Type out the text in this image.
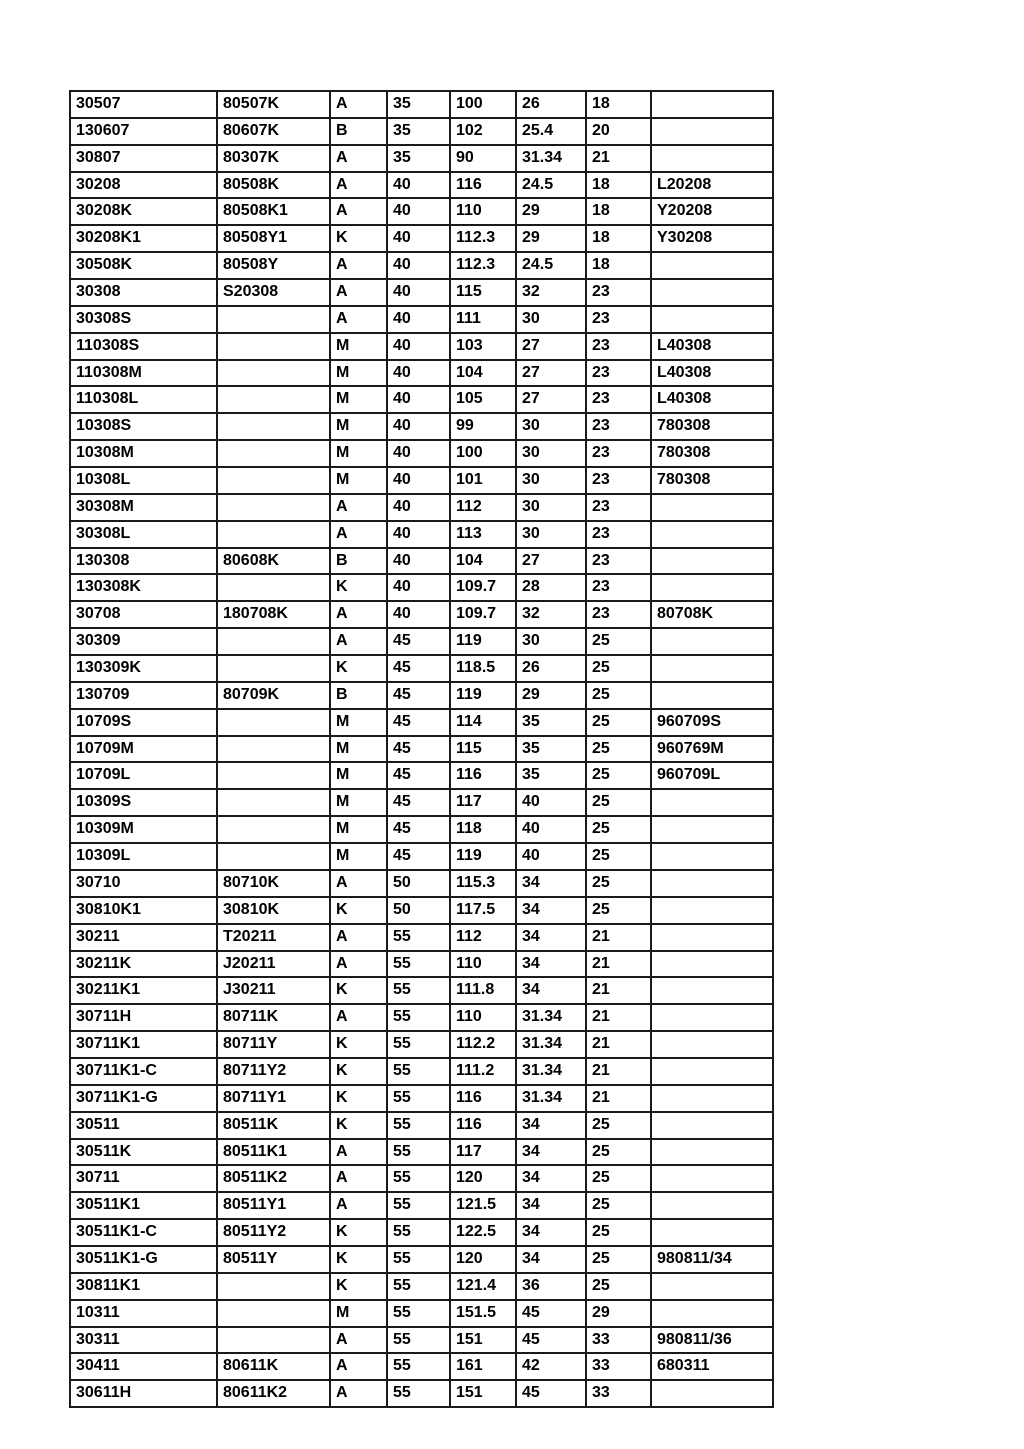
30507	80507K	A	35	100	26	18	
130607	80607K	B	35	102	25.4	20	
30807	80307K	A	35	90	31.34	21	
30208	80508K	A	40	116	24.5	18	L20208
30208K	80508K1	A	40	110	29	18	Y20208
30208K1	80508Y1	K	40	112.3	29	18	Y30208
30508K	80508Y	A	40	112.3	24.5	18	
30308	S20308	A	40	115	32	23	
30308S		A	40	111	30	23	
110308S		M	40	103	27	23	L40308
110308M		M	40	104	27	23	L40308
110308L		M	40	105	27	23	L40308
10308S		M	40	99	30	23	780308
10308M		M	40	100	30	23	780308
10308L		M	40	101	30	23	780308
30308M		A	40	112	30	23	
30308L		A	40	113	30	23	
130308	80608K	B	40	104	27	23	
130308K		K	40	109.7	28	23	
30708	180708K	A	40	109.7	32	23	80708K
30309		A	45	119	30	25	
130309K		K	45	118.5	26	25	
130709	80709K	B	45	119	29	25	
10709S		M	45	114	35	25	960709S
10709M		M	45	115	35	25	960769M
10709L		M	45	116	35	25	960709L
10309S		M	45	117	40	25	
10309M		M	45	118	40	25	
10309L		M	45	119	40	25	
30710	80710K	A	50	115.3	34	25	
30810K1	30810K	K	50	117.5	34	25	
30211	T20211	A	55	112	34	21	
30211K	J20211	A	55	110	34	21	
30211K1	J30211	K	55	111.8	34	21	
30711H	80711K	A	55	110	31.34	21	
30711K1	80711Y	K	55	112.2	31.34	21	
30711K1-C	80711Y2	K	55	111.2	31.34	21	
30711K1-G	80711Y1	K	55	116	31.34	21	
30511	80511K	K	55	116	34	25	
30511K	80511K1	A	55	117	34	25	
30711	80511K2	A	55	120	34	25	
30511K1	80511Y1	A	55	121.5	34	25	
30511K1-C	80511Y2	K	55	122.5	34	25	
30511K1-G	80511Y	K	55	120	34	25	980811/34
30811K1		K	55	121.4	36	25	
10311		M	55	151.5	45	29	
30311		A	55	151	45	33	980811/36
30411	80611K	A	55	161	42	33	680311
30611H	80611K2	A	55	151	45	33	
